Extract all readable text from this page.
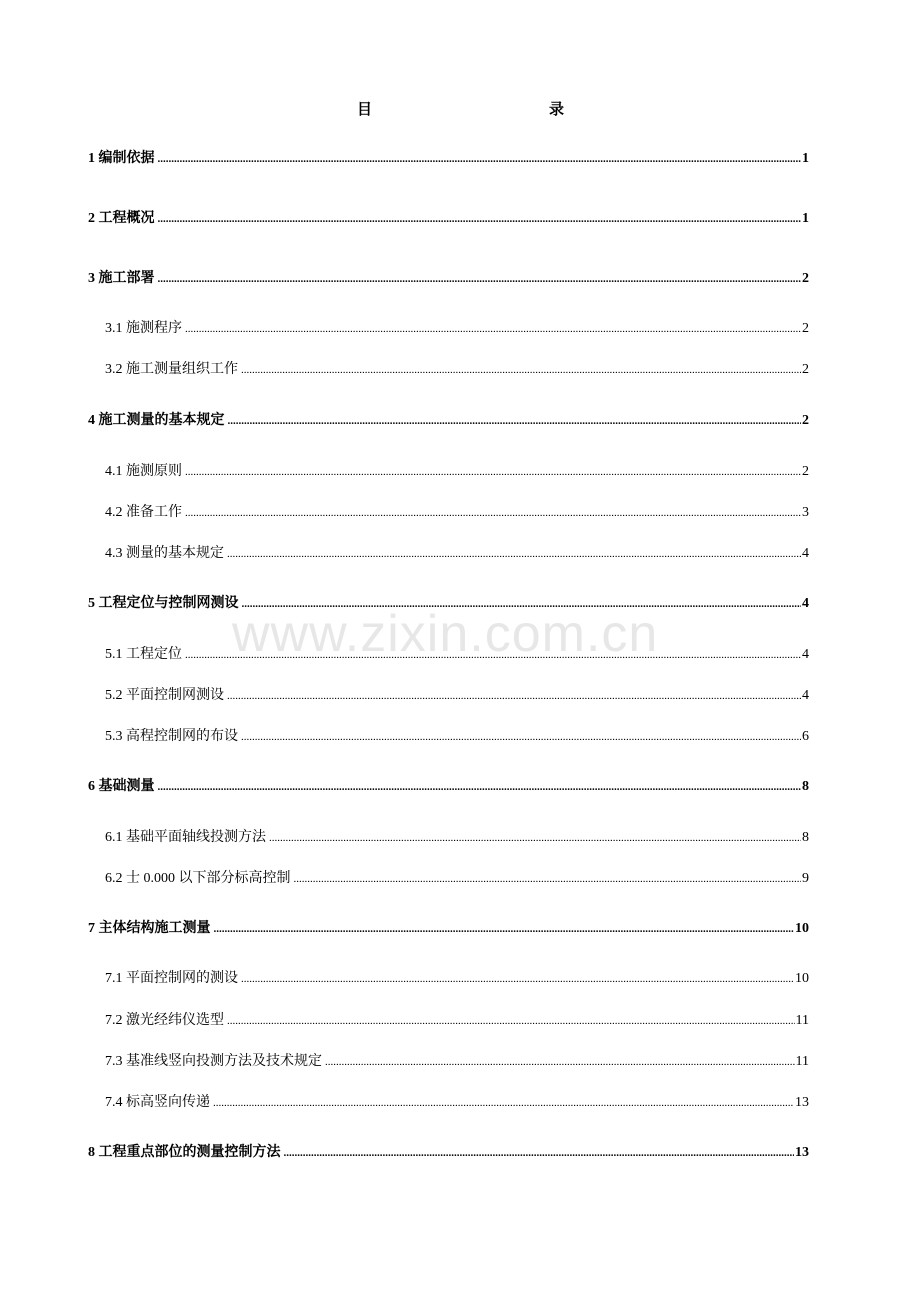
目	录
1 编制依据 .....	1
2 工程概况 .....	1
3 施工部署 .....	2
3.1 施测程序 .....	2
3.2 施工测量组织工作 .....	2
4 施工测量的基本规定 .....	2
4.1 施测原则 .....	2
4.2 准备工作 .....	3
4.3 测量的基本规定 .....	4
5 工程定位与控制网测设 .....	4
5.1 工程定位 .....	4
5.2 平面控制网测设 .....	4
5.3 高程控制网的布设 .....	6
6 基础测量 .....	8
6.1 基础平面轴线投测方法 .....	8
6.2 士 0.000 以下部分标高控制 .....	9
7 主体结构施工测量 .....	10
7.1 平面控制网的测设 .....	10
7.2 激光经纬仪选型 .....	11
7.3 基准线竖向投测方法及技术规定 .....	11
7.4 标高竖向传递 .....	13
8 工程重点部位的测量控制方法 .....	13
www.zixin.com.cn
